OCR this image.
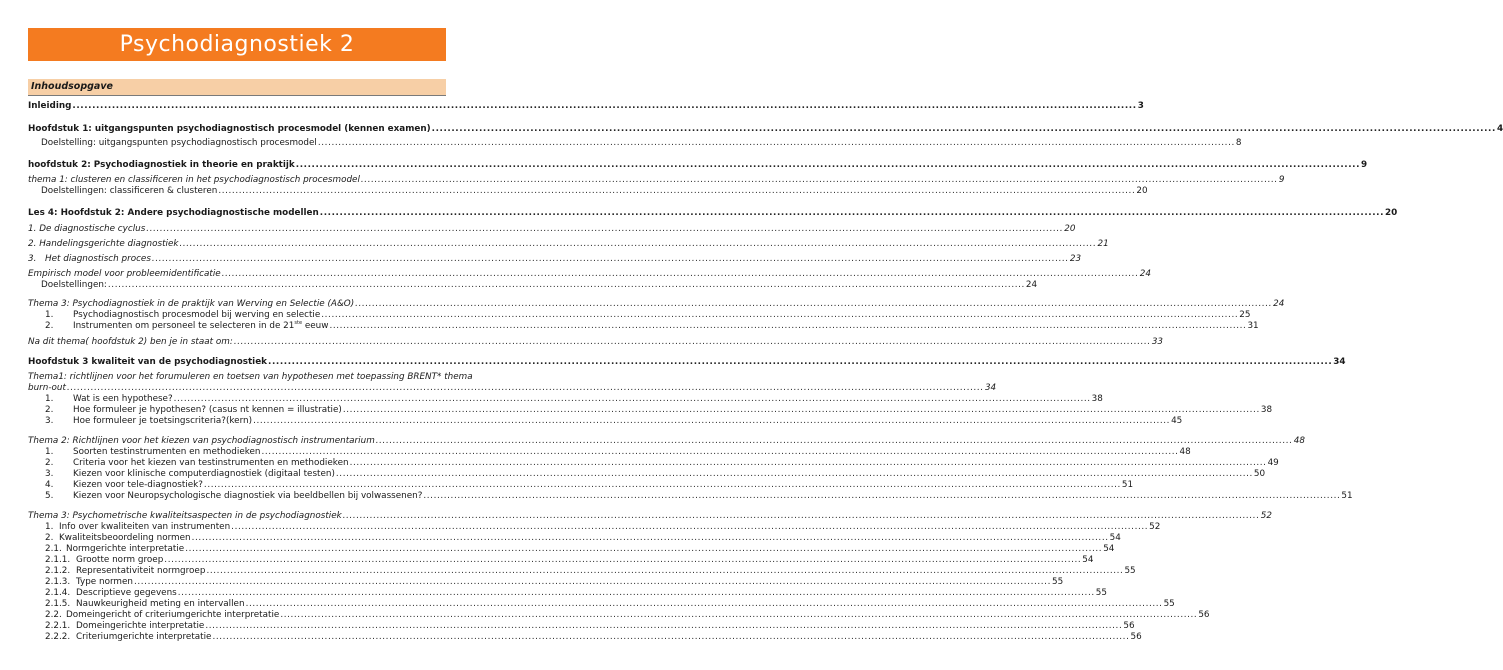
Psychodiagnostiek 2
Inhoudsopgave
Inleiding .....	3
Hoofdstuk 1: uitgangspunten psychodiagnostisch procesmodel (kennen examen) .....	4
Doelstelling: uitgangspunten psychodiagnostisch procesmodel .....	8
hoofdstuk 2: Psychodiagnostiek in theorie en praktijk .....	9
thema 1: clusteren en classificeren in het psychodiagnostisch procesmodel .....	9
Doelstellingen: classificeren & clusteren .....	20
Les 4: Hoofdstuk 2: Andere psychodiagnostische modellen .....	20
1. De diagnostische cyclus .....	20
2. Handelingsgerichte diagnostiek .....	21
3. Het diagnostisch proces .....	23
Empirisch model voor probleemidentificatie .....	24
Doelstellingen: .....	24
Thema 3: Psychodiagnostiek in de praktijk van Werving en Selectie (A&O) .....	24
1.	Psychodiagnostisch procesmodel bij werving en selectie .....	25
2.	Instrumenten om personeel te selecteren in de 21ste eeuw .....	31
Na dit thema( hoofdstuk 2) ben je in staat om: .....	33
Hoofdstuk 3 kwaliteit van de psychodiagnostiek .....	34
Thema1: richtlijnen voor het forumuleren en toetsen van hypothesen met toepassing BRENT* thema
burn-out .....	34
1.	Wat is een hypothese? .....	38
2.	Hoe formuleer je hypothesen? (casus nt kennen = illustratie) .....	38
3.	Hoe formuleer je toetsingscriteria?(kern) .....	45
Thema 2: Richtlijnen voor het kiezen van psychodiagnostisch instrumentarium .....	48
1.	Soorten testinstrumenten en methodieken .....	48
2.	Criteria voor het kiezen van testinstrumenten en methodieken .....	49
3.	Kiezen voor klinische computerdiagnostiek (digitaal testen) .....	50
4.	Kiezen voor tele-diagnostiek? .....	51
5.	Kiezen voor Neuropsychologische diagnostiek via beeldbellen bij volwassenen? .....	51
Thema 3: Psychometrische kwaliteitsaspecten in de psychodiagnostiek .....	52
1. Info over kwaliteiten van instrumenten .....	52
2. Kwaliteitsbeoordeling normen .....	54
2.1. Normgerichte interpretatie .....	54
2.1.1. Grootte norm groep .....	54
2.1.2. Representativiteit normgroep .....	55
2.1.3. Type normen .....	55
2.1.4. Descriptieve gegevens .....	55
2.1.5. Nauwkeurigheid meting en intervallen .....	55
2.2. Domeingericht of criteriumgerichte interpretatie .....	56
2.2.1. Domeingerichte interpretatie .....	56
2.2.2. Criteriumgerichte interpretatie .....	56
